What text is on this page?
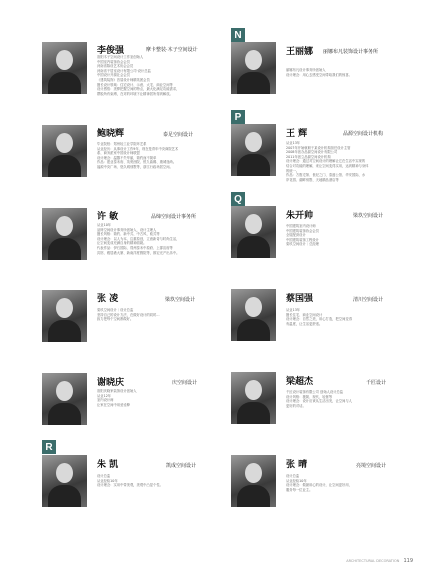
李俊强	摩卡整装·木子空间设计
洛阳木子空间设计工作室创始人
中国室内装饰协会会员
河南省陈设艺术协会会员
河南省干居室设计有限公司·设计总监
中国设计开源社会会员
《建筑装饰》首届设计师精英团会员
擅长设计领域：住宅设计、示意、大宅、商业空间等
设计感悟：美棒把握空间的特点，最大化满足功能需求，
摆脱所有束缚，在对的环境下让精神居所得到解放。
鲍晓辉	泰足空间设计
毕业院校：郑州轻工业学院环艺系
从业经历：从事设计工作9年，现在是青年中央商院艺术
系、商务派家中国设计师联盟
设计理念：温馨不失华丽，简约而不简单
作品：建业泰禾府、英苑西院、悦九曲臻、康城逸尚。
福源中央广场、悠久城别墅等，浙江行政场居空间。
许 敏	品缔空间设计事务所
从业10年
品缔空间设计事务所创始人，设计主理人
擅长风格：简约、新中式、中古风、欧式等
设计理念：以人为本，注重原创，立意新奇与时尚生活，
让空间变成充满自身的精神面貌。
代表作品：伊石国际、郑州泰禾中原府、上郡宣府等
宾馆、雅居港大厦、新南洋度假院等，都宏光产出乐中。
张 凌	梁玖空间设计
梁玖空间设计｜设计总监
坚持自己的设计方法，在做好设计的同时...
致力把每个空间都做好。
谢晓庆	庆空间设计
洛阳庆晓家装饰设计创始人
从业12年
室内设计师
让家在空间中用爱诠释
R
朱 凯	凯成空间设计
设计总监
从业经验10年
设计理念：实用中带美观，美观中凸显个性。
N
王丽娜 丽娜布凡装饰设计事务所
丽娜布凡设计事务所创始人
设计理念：用心去感受空间带给我们的惊喜。
P
王 辉	品源空间设计机构
从业13年
2007年开始就职于某设计机构担任设计主管
2008年创办品源空间设计有限公司
2011年创立品源空间设计机构
设计理念：通过对空间设计的理解让它在生活中实现的
结合对功能的理解，来让空间变得实用，达到精神与身体
的统一。
作品：方胜宅第、世纪之门、泰盛公馆、华安国际、水
岸花园、湖畔别墅、天地精品酒店等
Q
朱开帅	梁玖空间设计
中国建筑室内设计师
中国建筑装饰协会会员
全屋配套设计
中国建筑装饰工程设计
梁玖空间设计｜总经理
蔡国强	清川空间设计
从业13年
擅长住宅、商业空间设计
设计理念：自然之美，用心打造，把空间变得
有温度，让生活更舒适。
梁超杰	千匠设计
千匠设计装饰有限公司 创始人设计总监
设计风格：极简、现代、轻奢等
设计理念：设计应该从生活出发，让空间与人
更好的对话。
张 晴	亮境空间设计
设计总监
从业经验10年
设计理念：做最用心的设计，让空间更好用，
服务每一位业主。
ARCHITECTURAL DECORATION 119
